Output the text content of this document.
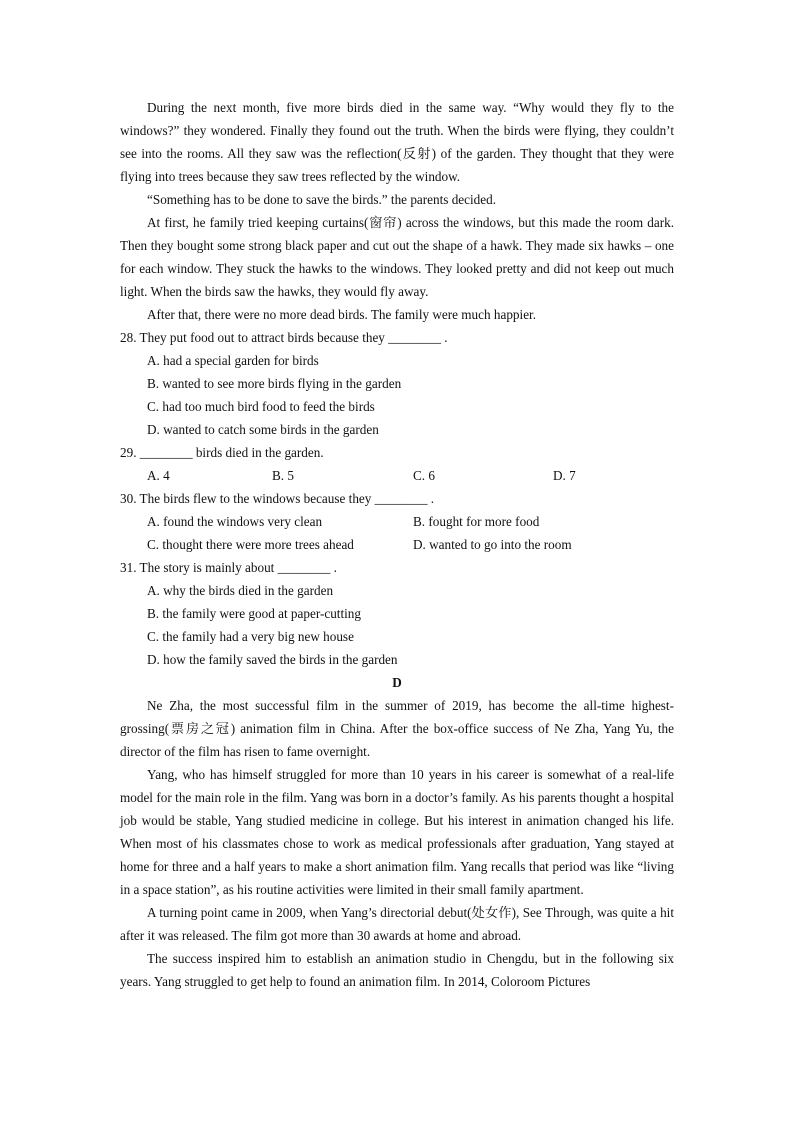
During the next month, five more birds died in the same way. “Why would they fly to the windows?” they wondered. Finally they found out the truth. When the birds were flying, they couldn’t see into the rooms. All they saw was the reflection(反射) of the garden. They thought that they were flying into trees because they saw trees reflected by the window.

“Something has to be done to save the birds.” the parents decided.

At first, he family tried keeping curtains(窗帘) across the windows, but this made the room dark. Then they bought some strong black paper and cut out the shape of a hawk. They made six hawks – one for each window. They stuck the hawks to the windows. They looked pretty and did not keep out much light. When the birds saw the hawks, they would fly away.

After that, there were no more dead birds. The family were much happier.

28. They put food out to attract birds because they ________ .

A. had a special garden for birds

B. wanted to see more birds flying in the garden

C. had too much bird food to feed the birds

D. wanted to catch some birds in the garden

29. ________ birds died in the garden.

A. 4	B. 5	C. 6	D. 7

30. The birds flew to the windows because they ________ .

A. found the windows very clean	B. fought for more food
C. thought there were more trees ahead	D. wanted to go into the room

31. The story is mainly about ________ .

A. why the birds died in the garden

B. the family were good at paper-cutting

C. the family had a very big new house

D. how the family saved the birds in the garden

D

Ne Zha, the most successful film in the summer of 2019, has become the all-time highest-grossing(票房之冠) animation film in China. After the box-office success of Ne Zha, Yang Yu, the director of the film has risen to fame overnight.

Yang, who has himself struggled for more than 10 years in his career is somewhat of a real-life model for the main role in the film. Yang was born in a doctor’s family. As his parents thought a hospital job would be stable, Yang studied medicine in college. But his interest in animation changed his life. When most of his classmates chose to work as medical professionals after graduation, Yang stayed at home for three and a half years to make a short animation film. Yang recalls that period was like “living in a space station”, as his routine activities were limited in their small family apartment.

A turning point came in 2009, when Yang’s directorial debut(处女作), See Through, was quite a hit after it was released. The film got more than 30 awards at home and abroad.

The success inspired him to establish an animation studio in Chengdu, but in the following six years. Yang struggled to get help to found an animation film. In 2014, Coloroom Pictures
